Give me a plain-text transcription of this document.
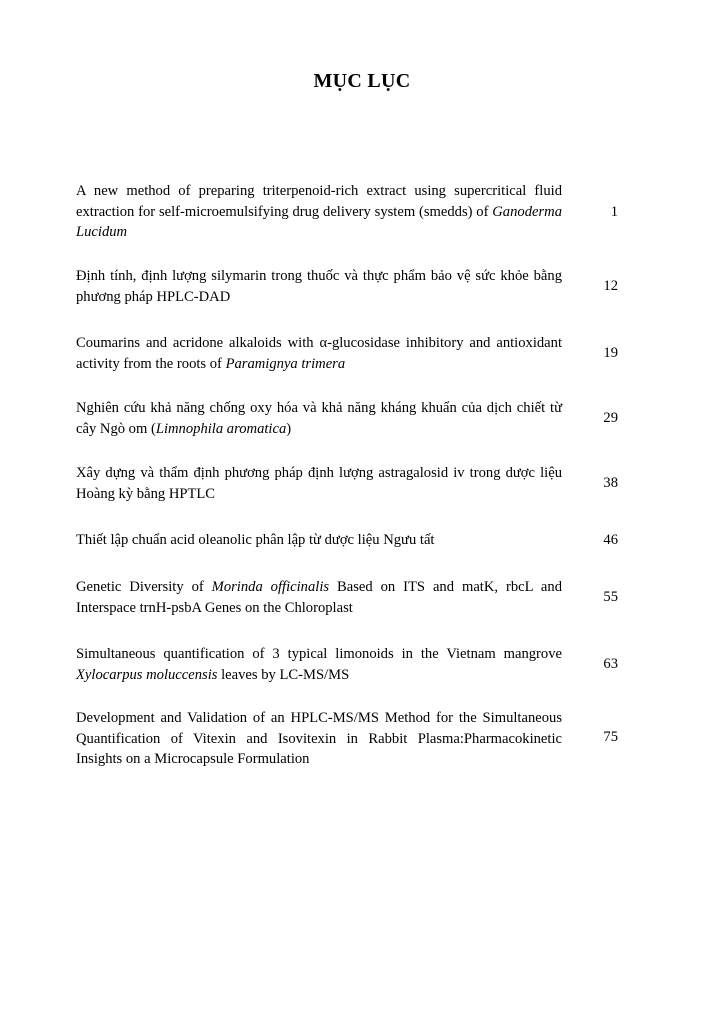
MỤC LỤC
A new method of preparing triterpenoid-rich extract using supercritical fluid extraction for self-microemulsifying drug delivery system (smedds) of Ganoderma Lucidum
1
Định tính, định lượng silymarin trong thuốc và thực phẩm bảo vệ sức khỏe bằng phương pháp HPLC-DAD
12
Coumarins and acridone alkaloids with α-glucosidase inhibitory and antioxidant activity from the roots of Paramignya trimera
19
Nghiên cứu khả năng chống oxy hóa và khả năng kháng khuẩn của dịch chiết từ cây Ngò om (Limnophila aromatica)
29
Xây dựng và thẩm định phương pháp định lượng astragalosid iv trong dược liệu Hoàng kỳ bằng HPTLC
38
Thiết lập chuẩn acid oleanolic phân lập từ dược liệu Ngưu tất	46
Genetic Diversity of Morinda officinalis Based on ITS and matK, rbcL and Interspace trnH-psbA Genes on the Chloroplast
55
Simultaneous quantification of 3 typical limonoids in the Vietnam mangrove Xylocarpus moluccensis leaves by LC-MS/MS
63
Development and Validation of an HPLC-MS/MS Method for the Simultaneous Quantification of Vitexin and Isovitexin in Rabbit Plasma:Pharmacokinetic Insights on a Microcapsule Formulation
75
